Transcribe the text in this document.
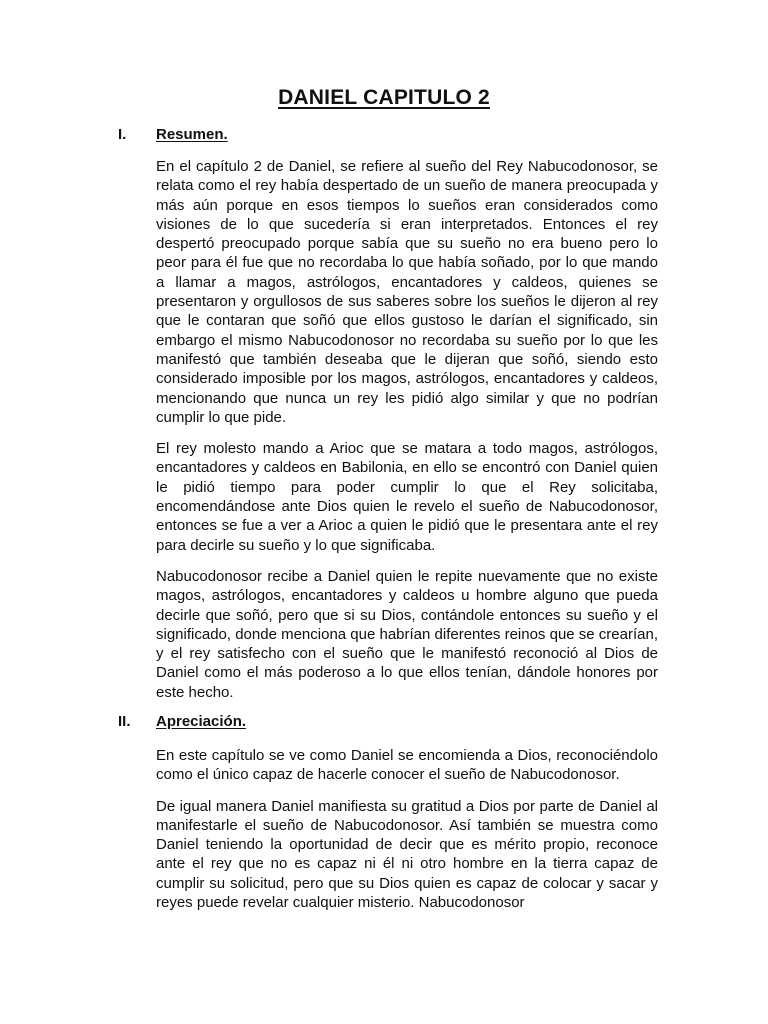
DANIEL CAPITULO 2
I. Resumen.

En el capítulo 2 de Daniel, se refiere al sueño del Rey Nabucodonosor, se relata como el rey había despertado de un sueño de manera preocupada y más aún porque en esos tiempos lo sueños eran considerados como visiones de lo que sucedería si eran interpretados. Entonces el rey despertó preocupado porque sabía que su sueño no era bueno pero lo peor para él fue que no recordaba lo que había soñado, por lo que mando a llamar a magos, astrólogos, encantadores y caldeos, quienes se presentaron y orgullosos de sus saberes sobre los sueños le dijeron al rey que le contaran que soñó que ellos gustoso le darían el significado, sin embargo el mismo Nabucodonosor no recordaba su sueño por lo que les manifestó que también deseaba que le dijeran que soñó, siendo esto considerado imposible por los magos, astrólogos, encantadores y caldeos, mencionando que nunca un rey les pidió algo similar y que no podrían cumplir lo que pide.

El rey molesto mando a Arioc que se matara a todo magos, astrólogos, encantadores y caldeos en Babilonia, en ello se encontró con Daniel quien le pidió tiempo para poder cumplir lo que el Rey solicitaba, encomendándose ante Dios quien le revelo el sueño de Nabucodonosor, entonces se fue a ver a Arioc a quien le pidió que le presentara ante el rey para decirle su sueño y lo que significaba.

Nabucodonosor recibe a Daniel quien le repite nuevamente que no existe magos, astrólogos, encantadores y caldeos u hombre alguno que pueda decirle que soñó, pero que si su Dios, contándole entonces su sueño y el significado, donde menciona que habrían diferentes reinos que se crearían, y el rey satisfecho con el sueño que le manifestó reconoció al Dios de Daniel como el más poderoso a lo que ellos tenían, dándole honores por este hecho.

II. Apreciación.

En este capítulo se ve como Daniel se encomienda a Dios, reconociéndolo como el único capaz de hacerle conocer el sueño de Nabucodonosor.

De igual manera Daniel manifiesta su gratitud a Dios por parte de Daniel al manifestarle el sueño de Nabucodonosor. Así también se muestra como Daniel teniendo la oportunidad de decir que es mérito propio, reconoce ante el rey que no es capaz ni él ni otro hombre en la tierra capaz de cumplir su solicitud, pero que su Dios quien es capaz de colocar y sacar y reyes puede revelar cualquier misterio. Nabucodonosor
